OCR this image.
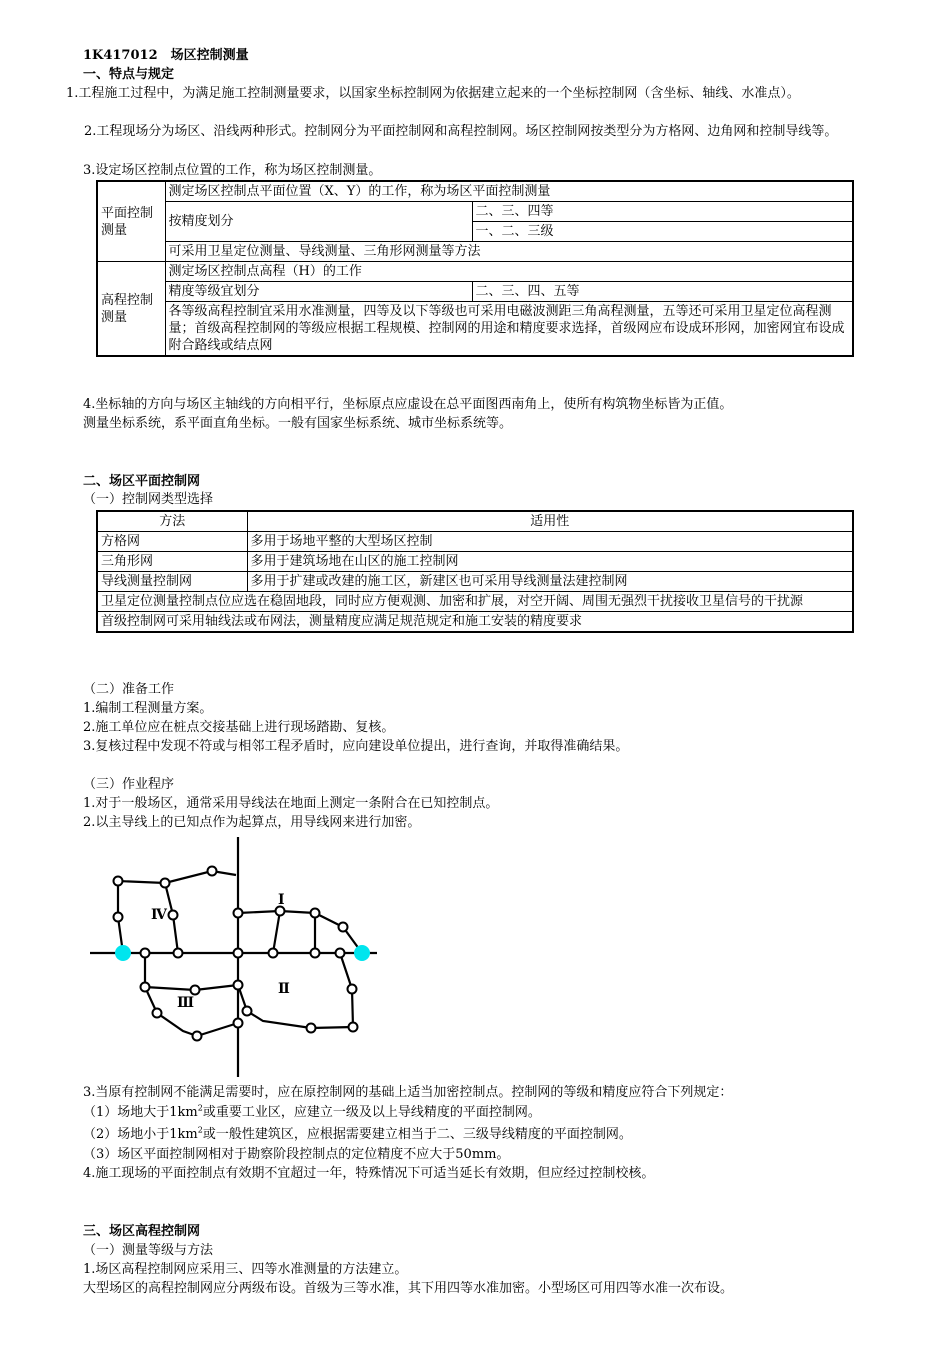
1K417012　场区控制测量
一、特点与规定
1.工程施工过程中，为满足施工控制测量要求，以国家坐标控制网为依据建立起来的一个坐标控制网（含坐标、轴线、水准点）。
2.工程现场分为场区、沿线两种形式。控制网分为平面控制网和高程控制网。场区控制网按类型分为方格网、边角网和控制导线等。
3.设定场区控制点位置的工作，称为场区控制测量。
平面控制测量	测定场区控制点平面位置（X、Y）的工作，称为场区平面控制测量	
	按精度划分	二、三、四等
		一、二、三级
	可采用卫星定位测量、导线测量、三角形网测量等方法	
高程控制测量	测定场区控制点高程（H）的工作	
	精度等级宜划分	二、三、四、五等
	各等级高程控制宜采用水准测量，四等及以下等级也可采用电磁波测距三角高程测量，五等还可采用卫星定位高程测量；首级高程控制网的等级应根据工程规模、控制网的用途和精度要求选择，首级网应布设成环形网，加密网宜布设成附合路线或结点网	
4.坐标轴的方向与场区主轴线的方向相平行，坐标原点应虚设在总平面图西南角上，使所有构筑物坐标皆为正值。
测量坐标系统，系平面直角坐标。一般有国家坐标系统、城市坐标系统等。
二、场区平面控制网
（一）控制网类型选择
方法	适用性
方格网	多用于场地平整的大型场区控制
三角形网	多用于建筑场地在山区的施工控制网
导线测量控制网	多用于扩建或改建的施工区，新建区也可采用导线测量法建控制网
卫星定位测量控制点位应选在稳固地段，同时应方便观测、加密和扩展，对空开阔、周围无强烈干扰接收卫星信号的干扰源	
首级控制网可采用轴线法或布网法，测量精度应满足规范规定和施工安装的精度要求	
（二）准备工作
1.编制工程测量方案。
2.施工单位应在桩点交接基础上进行现场踏勘、复核。
3.复核过程中发现不符或与相邻工程矛盾时，应向建设单位提出，进行查询，并取得准确结果。
（三）作业程序
1.对于一般场区，通常采用导线法在地面上测定一条附合在已知控制点。
2.以主导线上的已知点作为起算点，用导线网来进行加密。
Ⅳ
Ⅰ
Ⅲ
Ⅱ
3.当原有控制网不能满足需要时，应在原控制网的基础上适当加密控制点。控制网的等级和精度应符合下列规定：
（1）场地大于$1km^2$或重要工业区，应建立一级及以上导线精度的平面控制网。
（2）场地小于$1km^2$或一般性建筑区，应根据需要建立相当于二、三级导线精度的平面控制网。
（3）场区平面控制网相对于勘察阶段控制点的定位精度不应大于50mm。
4.施工现场的平面控制点有效期不宜超过一年，特殊情况下可适当延长有效期，但应经过控制校核。
三、场区高程控制网
（一）测量等级与方法
1.场区高程控制网应采用三、四等水准测量的方法建立。
大型场区的高程控制网应分两级布设。首级为三等水准，其下用四等水准加密。小型场区可用四等水准一次布设。
